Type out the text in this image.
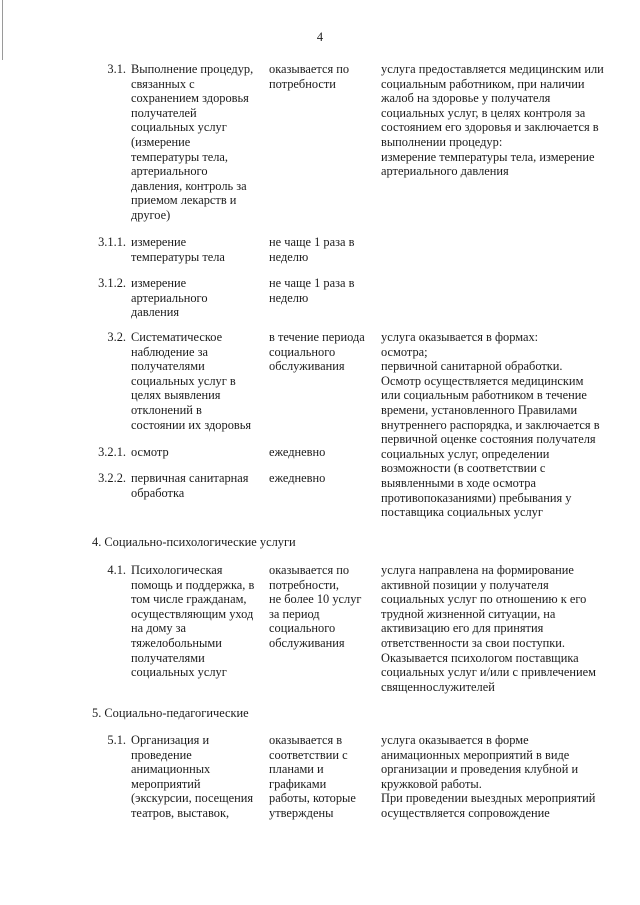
4
3.1. Выполнение процедур,
связанных с
сохранением здоровья
получателей
социальных услуг
(измерение
температуры тела,
артериального
давления, контроль за
приемом лекарств и
другое)
оказывается по
потребности
услуга предоставляется медицинским или
социальным работником, при наличии
жалоб на здоровье у получателя
социальных услуг, в целях контроля за
состоянием его здоровья и заключается в
выполнении процедур:
измерение температуры тела, измерение
артериального давления
3.1.1. измерение
температуры тела
не чаще 1 раза в
неделю
3.1.2. измерение
артериального
давления
не чаще 1 раза в
неделю
3.2. Систематическое
наблюдение за
получателями
социальных услуг в
целях выявления
отклонений в
состоянии их здоровья
в течение периода
социального
обслуживания
услуга оказывается в формах:
осмотра;
первичной санитарной обработки.
Осмотр осуществляется медицинским
или социальным работником в течение
времени, установленного Правилами
внутреннего распорядка, и заключается в
первичной оценке состояния получателя
социальных услуг, определении
возможности (в соответствии с
выявленными в ходе осмотра
противопоказаниями) пребывания у
поставщика социальных услуг
3.2.1. осмотр	ежедневно
3.2.2. первичная санитарная
обработка
ежедневно
4. Социально-психологические услуги
4.1. Психологическая
помощь и поддержка, в
том числе гражданам,
осуществляющим уход
на дому за
тяжелобольными
получателями
социальных услуг
оказывается по
потребности,
не более 10 услуг
за период
социального
обслуживания
услуга направлена на формирование
активной позиции у получателя
социальных услуг по отношению к его
трудной жизненной ситуации, на
активизацию его для принятия
ответственности за свои поступки.
Оказывается психологом поставщика
социальных услуг и/или с привлечением
священнослужителей
5. Социально-педагогические
5.1. Организация и
проведение
анимационных
мероприятий
(экскурсии, посещения
театров, выставок,
оказывается в
соответствии с
планами и
графиками
работы, которые
утверждены
услуга оказывается в форме
анимационных мероприятий в виде
организации и проведения клубной и
кружковой работы.
При проведении выездных мероприятий
осуществляется сопровождение
